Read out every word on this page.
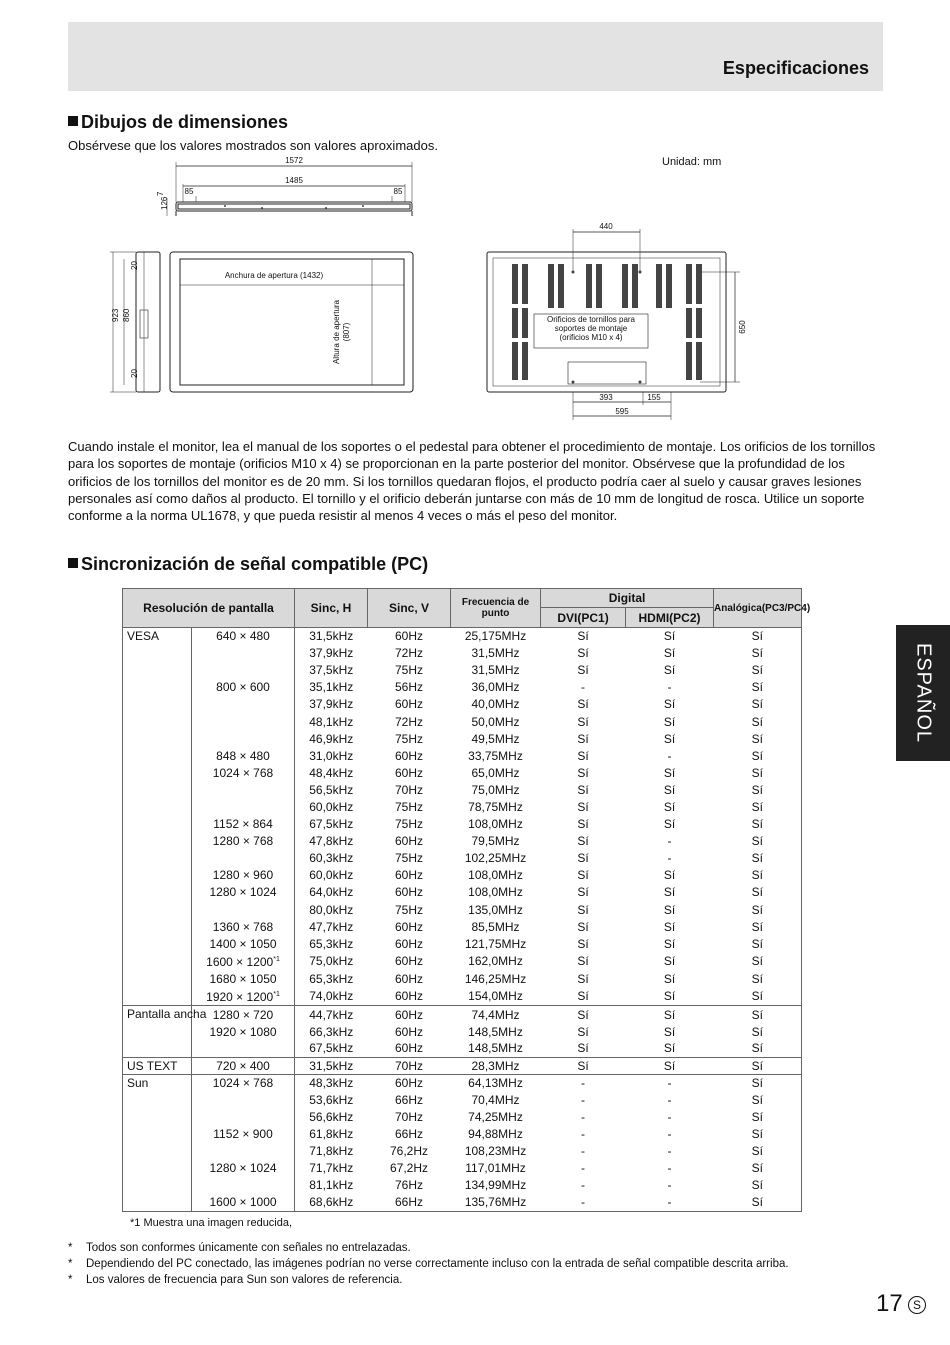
Especificaciones
Dibujos de dimensiones
Obsérvese que los valores mostrados son valores aproximados.
Unidad: mm
1572
1485
85	85
126
7
923 860
20
20
Anchura de apertura (1432)
Altura de apertura (807)
440
650
Orificios de tornillos para
soportes de montaje
(orificios M10 x 4)
393	155
595
Cuando instale el monitor, lea el manual de los soportes o el pedestal para obtener el procedimiento de montaje. Los orificios de los tornillos para los soportes de montaje (orificios M10 x 4) se proporcionan en la parte posterior del monitor. Obsérvese que la profundidad de los orificios de los tornillos del monitor es de 20 mm. Si los tornillos quedaran flojos, el producto podría caer al suelo y causar graves lesiones personales así como daños al producto. El tornillo y el orificio deberán juntarse con más de 10 mm de longitud de rosca. Utilice un soporte conforme a la norma UL1678, y que pueda resistir al menos 4 veces o más el peso del monitor.
Sincronización de señal compatible (PC)
Resolución de pantalla		Sinc, H	Sinc, V	Frecuencia de punto	Digital		Analógica(PC3/PC4)
					DVI(PC1)	HDMI(PC2)	
VESA	640 × 480	31,5kHz	60Hz	25,175MHz	Sí	Sí	Sí
		37,9kHz	72Hz	31,5MHz	Sí	Sí	Sí
		37,5kHz	75Hz	31,5MHz	Sí	Sí	Sí
	800 × 600	35,1kHz	56Hz	36,0MHz	-	-	Sí
		37,9kHz	60Hz	40,0MHz	Sí	Sí	Sí
		48,1kHz	72Hz	50,0MHz	Sí	Sí	Sí
		46,9kHz	75Hz	49,5MHz	Sí	Sí	Sí
	848 × 480	31,0kHz	60Hz	33,75MHz	Sí	-	Sí
	1024 × 768	48,4kHz	60Hz	65,0MHz	Sí	Sí	Sí
		56,5kHz	70Hz	75,0MHz	Sí	Sí	Sí
		60,0kHz	75Hz	78,75MHz	Sí	Sí	Sí
	1152 × 864	67,5kHz	75Hz	108,0MHz	Sí	Sí	Sí
	1280 × 768	47,8kHz	60Hz	79,5MHz	Sí	-	Sí
		60,3kHz	75Hz	102,25MHz	Sí	-	Sí
	1280 × 960	60,0kHz	60Hz	108,0MHz	Sí	Sí	Sí
	1280 × 1024	64,0kHz	60Hz	108,0MHz	Sí	Sí	Sí
		80,0kHz	75Hz	135,0MHz	Sí	Sí	Sí
	1360 × 768	47,7kHz	60Hz	85,5MHz	Sí	Sí	Sí
	1400 × 1050	65,3kHz	60Hz	121,75MHz	Sí	Sí	Sí
	$1600 \times 1200^{*1}$	75,0kHz	60Hz	162,0MHz	Sí	Sí	Sí
	1680 × 1050	65,3kHz	60Hz	146,25MHz	Sí	Sí	Sí
	$1920 \times 1200^{*1}$	74,0kHz	60Hz	154,0MHz	Sí	Sí	Sí
Pantalla ancha	1280 × 720	44,7kHz	60Hz	74,4MHz	Sí	Sí	Sí
	1920 × 1080	66,3kHz	60Hz	148,5MHz	Sí	Sí	Sí
		67,5kHz	60Hz	148,5MHz	Sí	Sí	Sí
US TEXT	720 × 400	31,5kHz	70Hz	28,3MHz	Sí	Sí	Sí
Sun	1024 × 768	48,3kHz	60Hz	64,13MHz	-	-	Sí
		53,6kHz	66Hz	70,4MHz	-	-	Sí
		56,6kHz	70Hz	74,25MHz	-	-	Sí
	1152 × 900	61,8kHz	66Hz	94,88MHz	-	-	Sí
		71,8kHz	76,2Hz	108,23MHz	-	-	Sí
	1280 × 1024	71,7kHz	67,2Hz	117,01MHz	-	-	Sí
		81,1kHz	76Hz	134,99MHz	-	-	Sí
	1600 × 1000	68,6kHz	66Hz	135,76MHz	-	-	Sí
*1 Muestra una imagen reducida,
* Todos son conformes únicamente con señales no entrelazadas.
* Dependiendo del PC conectado, las imágenes podrían no verse correctamente incluso con la entrada de señal compatible descrita arriba.
* Los valores de frecuencia para Sun son valores de referencia.
ESPAÑOL
17 S
